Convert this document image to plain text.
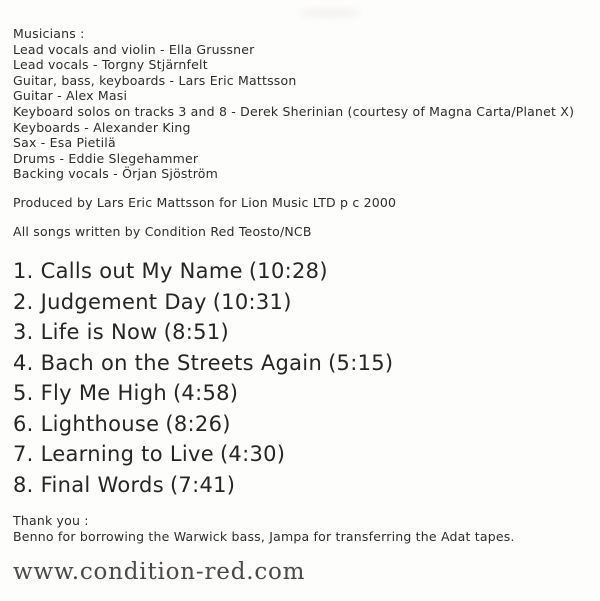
Musicians :
Lead vocals and violin - Ella Grussner
Lead vocals - Torgny Stjärnfelt
Guitar, bass, keyboards - Lars Eric Mattsson
Guitar - Alex Masi
Keyboard solos on tracks 3 and 8 - Derek Sherinian (courtesy of Magna Carta/Planet X)
Keyboards - Alexander King
Sax - Esa Pietilä
Drums - Eddie Slegehammer
Backing vocals - Örjan Sjöström
Produced by Lars Eric Mattsson for Lion Music LTD p c 2000
All songs written by Condition Red Teosto/NCB
1. Calls out My Name (10:28)
2. Judgement Day (10:31)
3. Life is Now (8:51)
4. Bach on the Streets Again (5:15)
5. Fly Me High (4:58)
6. Lighthouse (8:26)
7. Learning to Live (4:30)
8. Final Words (7:41)
Thank you :
Benno for borrowing the Warwick bass, Jampa for transferring the Adat tapes.
www.condition-red.com
